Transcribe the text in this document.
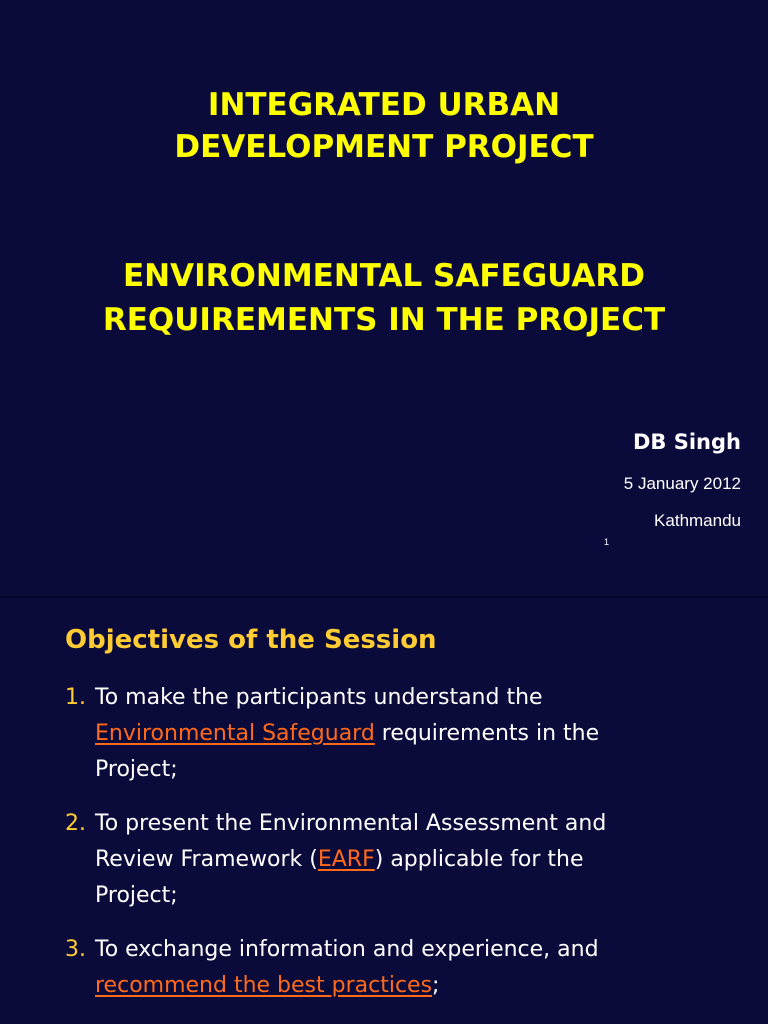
INTEGRATED URBAN
DEVELOPMENT PROJECT
ENVIRONMENTAL SAFEGUARD
REQUIREMENTS IN THE PROJECT
DB Singh
5 January 2012
Kathmandu
1
Objectives of the Session
1. To make the participants understand the
Environmental Safeguard requirements in the
Project;
2. To present the Environmental Assessment and
Review Framework (EARF) applicable for the
Project;
3. To exchange information and experience, and
recommend the best practices;
